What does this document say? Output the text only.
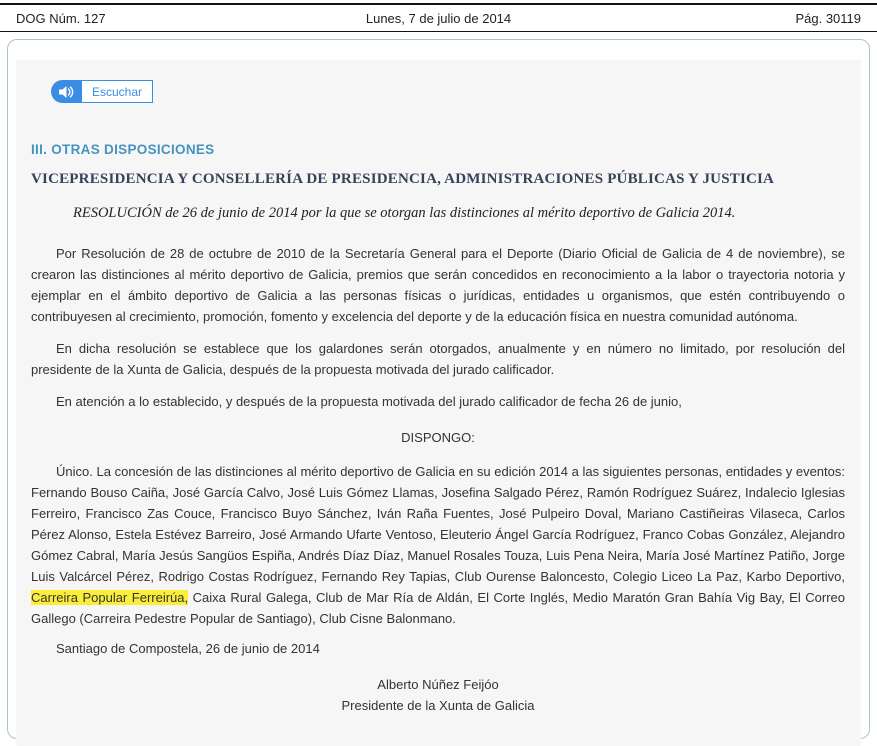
DOG Núm. 127	Lunes, 7 de julio de 2014	Pág. 30119
Escuchar
III. OTRAS DISPOSICIONES
VICEPRESIDENCIA Y CONSELLERÍA DE PRESIDENCIA, ADMINISTRACIONES PÚBLICAS Y JUSTICIA

RESOLUCIÓN de 26 de junio de 2014 por la que se otorgan las distinciones al mérito deportivo de Galicia 2014.

Por Resolución de 28 de octubre de 2010 de la Secretaría General para el Deporte (Diario Oficial de Galicia de 4 de noviembre), se crearon las distinciones al mérito deportivo de Galicia, premios que serán concedidos en reconocimiento a la labor o trayectoria notoria y ejemplar en el ámbito deportivo de Galicia a las personas físicas o jurídicas, entidades u organismos, que estén contribuyendo o contribuyesen al crecimiento, promoción, fomento y excelencia del deporte y de la educación física en nuestra comunidad autónoma.

En dicha resolución se establece que los galardones serán otorgados, anualmente y en número no limitado, por resolución del presidente de la Xunta de Galicia, después de la propuesta motivada del jurado calificador.

En atención a lo establecido, y después de la propuesta motivada del jurado calificador de fecha 26 de junio,

DISPONGO:

Único. La concesión de las distinciones al mérito deportivo de Galicia en su edición 2014 a las siguientes personas, entidades y eventos: Fernando Bouso Caiña, José García Calvo, José Luis Gómez Llamas, Josefina Salgado Pérez, Ramón Rodríguez Suárez, Indalecio Iglesias Ferreiro, Francisco Zas Couce, Francisco Buyo Sánchez, Iván Raña Fuentes, José Pulpeiro Doval, Mariano Castiñeiras Vilaseca, Carlos Pérez Alonso, Estela Estévez Barreiro, José Armando Ufarte Ventoso, Eleuterio Ángel García Rodríguez, Franco Cobas González, Alejandro Gómez Cabral, María Jesús Sangüos Espiña, Andrés Díaz Díaz, Manuel Rosales Touza, Luis Pena Neira, María José Martínez Patiño, Jorge Luis Valcárcel Pérez, Rodrigo Costas Rodríguez, Fernando Rey Tapias, Club Ourense Baloncesto, Colegio Liceo La Paz, Karbo Deportivo, Carreira Popular Ferreirúa, Caixa Rural Galega, Club de Mar Ría de Aldán, El Corte Inglés, Medio Maratón Gran Bahía Vig Bay, El Correo Gallego (Carreira Pedestre Popular de Santiago), Club Cisne Balonmano.

Santiago de Compostela, 26 de junio de 2014

Alberto Núñez Feijóo
Presidente de la Xunta de Galicia
